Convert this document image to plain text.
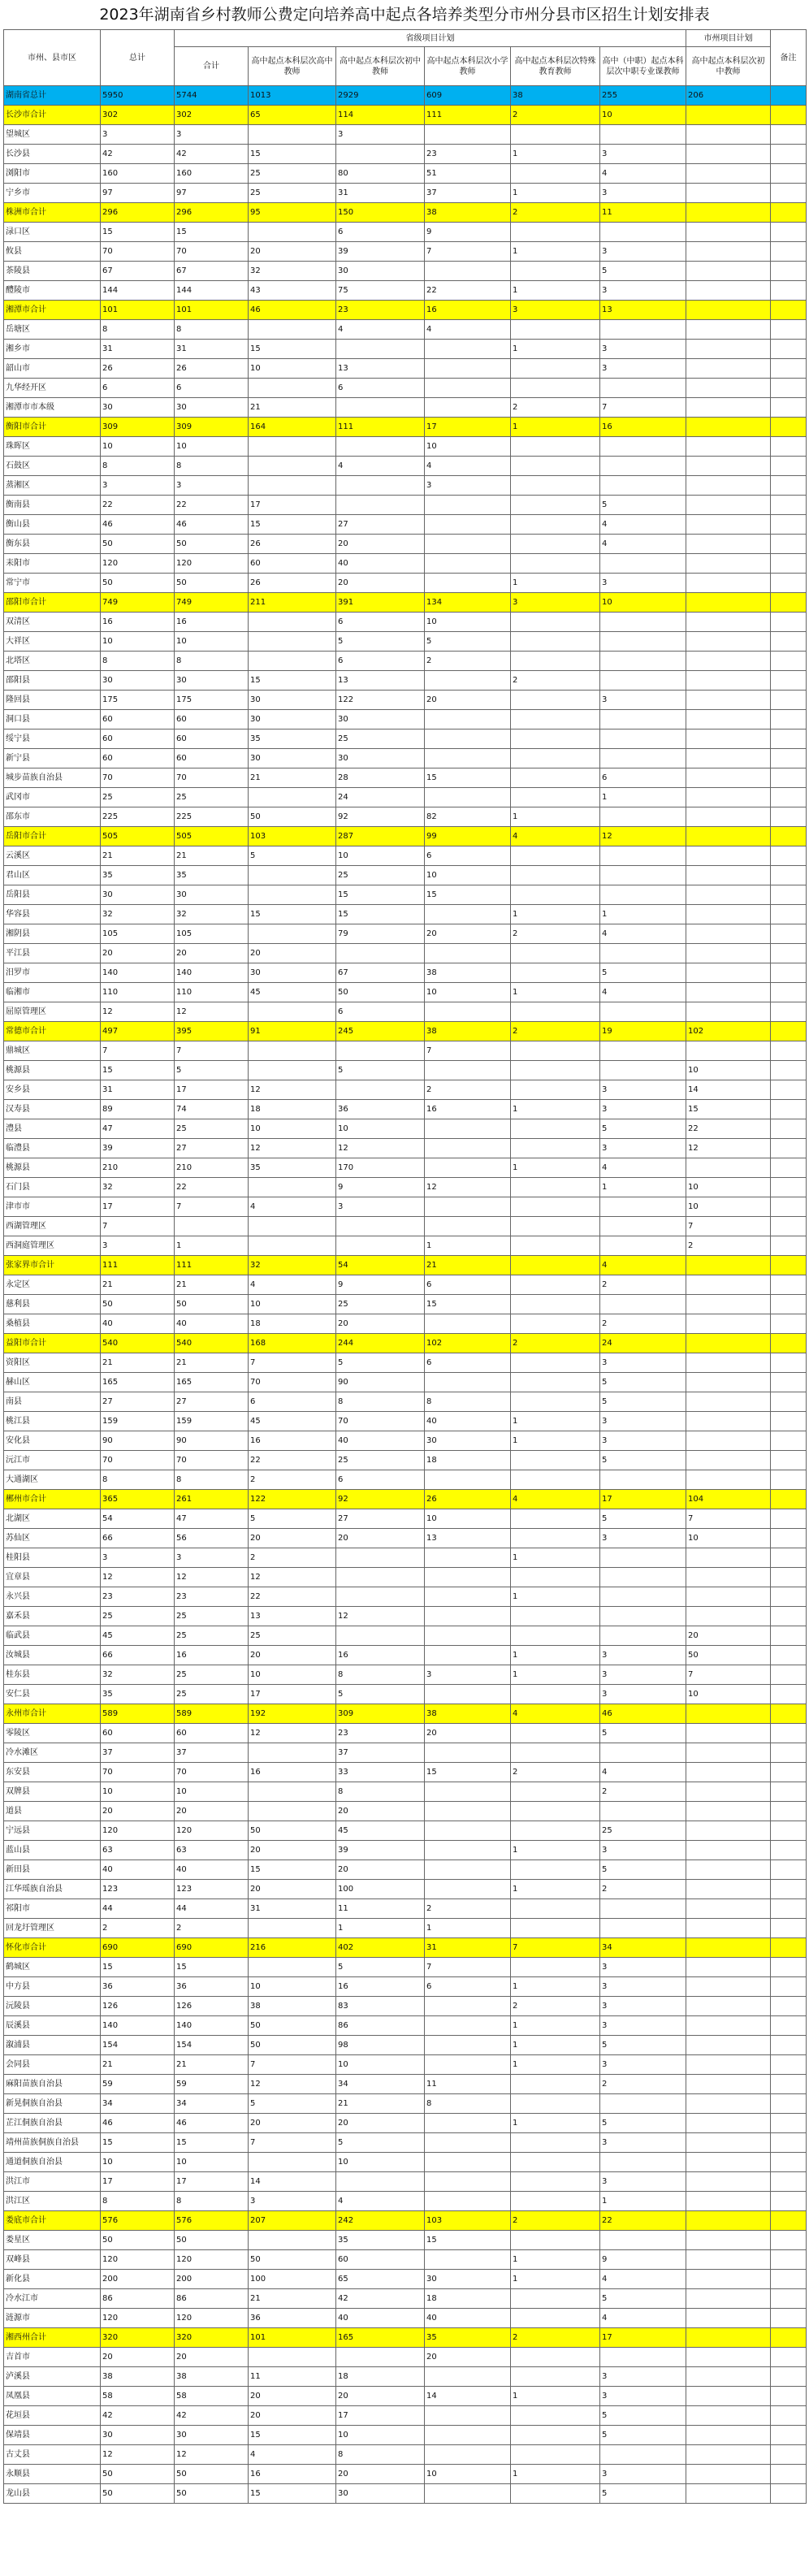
2023年湖南省乡村教师公费定向培养高中起点各培养类型分市州分县市区招生计划安排表
市州、县市区	总计	省级项目计划						市州项目计划	备注
		合计	高中起点本科层次高中教师	高中起点本科层次初中教师	高中起点本科层次小学教师	高中起点本科层次特殊教育教师	高中（中职）起点本科层次中职专业课教师	高中起点本科层次初中教师	
湖南省总计	5950	5744	1013	2929	609	38	255	206	
长沙市合计	302	302	65	114	111	2	10		
望城区	3	3		3					
长沙县	42	42	15		23	1	3		
浏阳市	160	160	25	80	51		4		
宁乡市	97	97	25	31	37	1	3		
株洲市合计	296	296	95	150	38	2	11		
渌口区	15	15		6	9				
攸县	70	70	20	39	7	1	3		
茶陵县	67	67	32	30			5		
醴陵市	144	144	43	75	22	1	3		
湘潭市合计	101	101	46	23	16	3	13		
岳塘区	8	8		4	4				
湘乡市	31	31	15			1	3		
韶山市	26	26	10	13			3		
九华经开区	6	6		6					
湘潭市市本级	30	30	21			2	7		
衡阳市合计	309	309	164	111	17	1	16		
珠晖区	10	10			10				
石鼓区	8	8		4	4				
蒸湘区	3	3			3				
衡南县	22	22	17				5		
衡山县	46	46	15	27			4		
衡东县	50	50	26	20			4		
耒阳市	120	120	60	40					
常宁市	50	50	26	20		1	3		
邵阳市合计	749	749	211	391	134	3	10		
双清区	16	16		6	10				
大祥区	10	10		5	5				
北塔区	8	8		6	2				
邵阳县	30	30	15	13		2			
隆回县	175	175	30	122	20		3		
洞口县	60	60	30	30					
绥宁县	60	60	35	25					
新宁县	60	60	30	30					
城步苗族自治县	70	70	21	28	15		6		
武冈市	25	25		24			1		
邵东市	225	225	50	92	82	1			
岳阳市合计	505	505	103	287	99	4	12		
云溪区	21	21	5	10	6				
君山区	35	35		25	10				
岳阳县	30	30		15	15				
华容县	32	32	15	15		1	1		
湘阴县	105	105		79	20	2	4		
平江县	20	20	20						
汨罗市	140	140	30	67	38		5		
临湘市	110	110	45	50	10	1	4		
屈原管理区	12	12		6					
常德市合计	497	395	91	245	38	2	19	102	
鼎城区	7	7			7				
桃源县	15	5		5				10	
安乡县	31	17	12		2		3	14	
汉寿县	89	74	18	36	16	1	3	15	
澧县	47	25	10	10			5	22	
临澧县	39	27	12	12			3	12	
桃源县	210	210	35	170		1	4		
石门县	32	22		9	12		1	10	
津市市	17	7	4	3				10	
西湖管理区	7							7	
西洞庭管理区	3	1			1			2	
张家界市合计	111	111	32	54	21		4		
永定区	21	21	4	9	6		2		
慈利县	50	50	10	25	15				
桑植县	40	40	18	20			2		
益阳市合计	540	540	168	244	102	2	24		
资阳区	21	21	7	5	6		3		
赫山区	165	165	70	90			5		
南县	27	27	6	8	8		5		
桃江县	159	159	45	70	40	1	3		
安化县	90	90	16	40	30	1	3		
沅江市	70	70	22	25	18		5		
大通湖区	8	8	2	6					
郴州市合计	365	261	122	92	26	4	17	104	
北湖区	54	47	5	27	10		5	7	
苏仙区	66	56	20	20	13		3	10	
桂阳县	3	3	2			1			
宜章县	12	12	12						
永兴县	23	23	22			1			
嘉禾县	25	25	13	12					
临武县	45	25	25					20	
汝城县	66	16	20	16		1	3	50	
桂东县	32	25	10	8	3	1	3	7	
安仁县	35	25	17	5			3	10	
永州市合计	589	589	192	309	38	4	46		
零陵区	60	60	12	23	20		5		
冷水滩区	37	37		37					
东安县	70	70	16	33	15	2	4		
双牌县	10	10		8			2		
道县	20	20		20					
宁远县	120	120	50	45			25		
蓝山县	63	63	20	39		1	3		
新田县	40	40	15	20			5		
江华瑶族自治县	123	123	20	100		1	2		
祁阳市	44	44	31	11	2				
回龙圩管理区	2	2		1	1				
怀化市合计	690	690	216	402	31	7	34		
鹤城区	15	15		5	7		3		
中方县	36	36	10	16	6	1	3		
沅陵县	126	126	38	83		2	3		
辰溪县	140	140	50	86		1	3		
溆浦县	154	154	50	98		1	5		
会同县	21	21	7	10		1	3		
麻阳苗族自治县	59	59	12	34	11		2		
新晃侗族自治县	34	34	5	21	8				
芷江侗族自治县	46	46	20	20		1	5		
靖州苗族侗族自治县	15	15	7	5			3		
通道侗族自治县	10	10		10					
洪江市	17	17	14				3		
洪江区	8	8	3	4			1		
娄底市合计	576	576	207	242	103	2	22		
娄星区	50	50		35	15				
双峰县	120	120	50	60		1	9		
新化县	200	200	100	65	30	1	4		
冷水江市	86	86	21	42	18		5		
涟源市	120	120	36	40	40		4		
湘西州合计	320	320	101	165	35	2	17		
吉首市	20	20			20				
泸溪县	38	38	11	18			3		
凤凰县	58	58	20	20	14	1	3		
花垣县	42	42	20	17			5		
保靖县	30	30	15	10			5		
古丈县	12	12	4	8					
永顺县	50	50	16	20	10	1	3		
龙山县	50	50	15	30			5		
